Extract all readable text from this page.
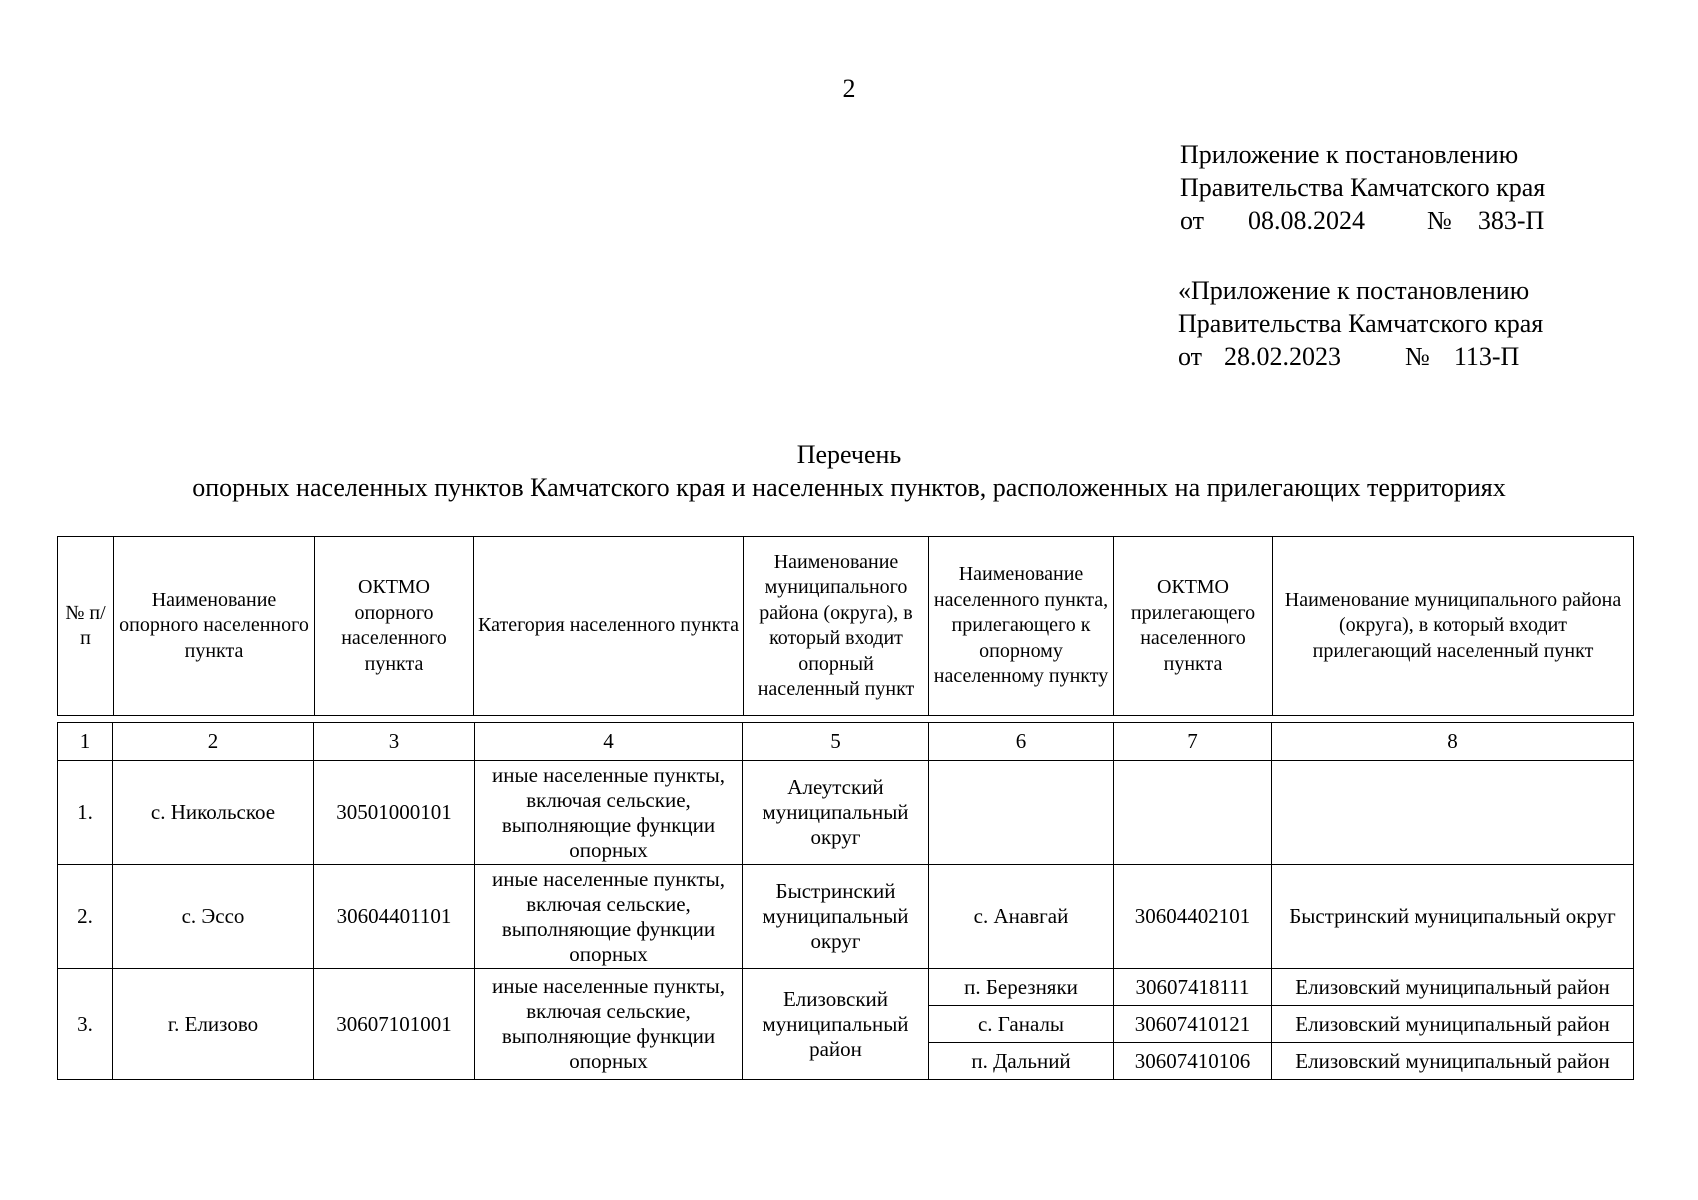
2
Приложение к постановлению
Правительства Камчатского края
от 08.08.2024 № 383-П
«Приложение к постановлению
Правительства Камчатского края
от 28.02.2023 № 113-П
Перечень
опорных населенных пунктов Камчатского края и населенных пунктов, расположенных на прилегающих территориях
№ п/п	Наименование опорного населенного пункта	ОКТМО опорного населенного пункта	Категория населенного пункта	Наименование муниципального района (округа), в который входит опорный населенный пункт	Наименование населенного пункта, прилегающего к опорному населенному пункту	ОКТМО прилегающего населенного пункта	Наименование муниципального района (округа), в который входит прилегающий населенный пункт
1	2	3	4	5	6	7	8
1.	с. Никольское	30501000101	иные населенные пункты, включая сельские, выполняющие функции опорных	Алеутский муниципальный округ			
2.	с. Эссо	30604401101	иные населенные пункты, включая сельские, выполняющие функции опорных	Быстринский муниципальный округ	с. Анавгай	30604402101	Быстринский муниципальный округ
3.	г. Елизово	30607101001	иные населенные пункты, включая сельские, выполняющие функции опорных	Елизовский муниципальный район	п. Березняки	30607418111	Елизовский муниципальный район
					с. Ганалы	30607410121	Елизовский муниципальный район
					п. Дальний	30607410106	Елизовский муниципальный район
